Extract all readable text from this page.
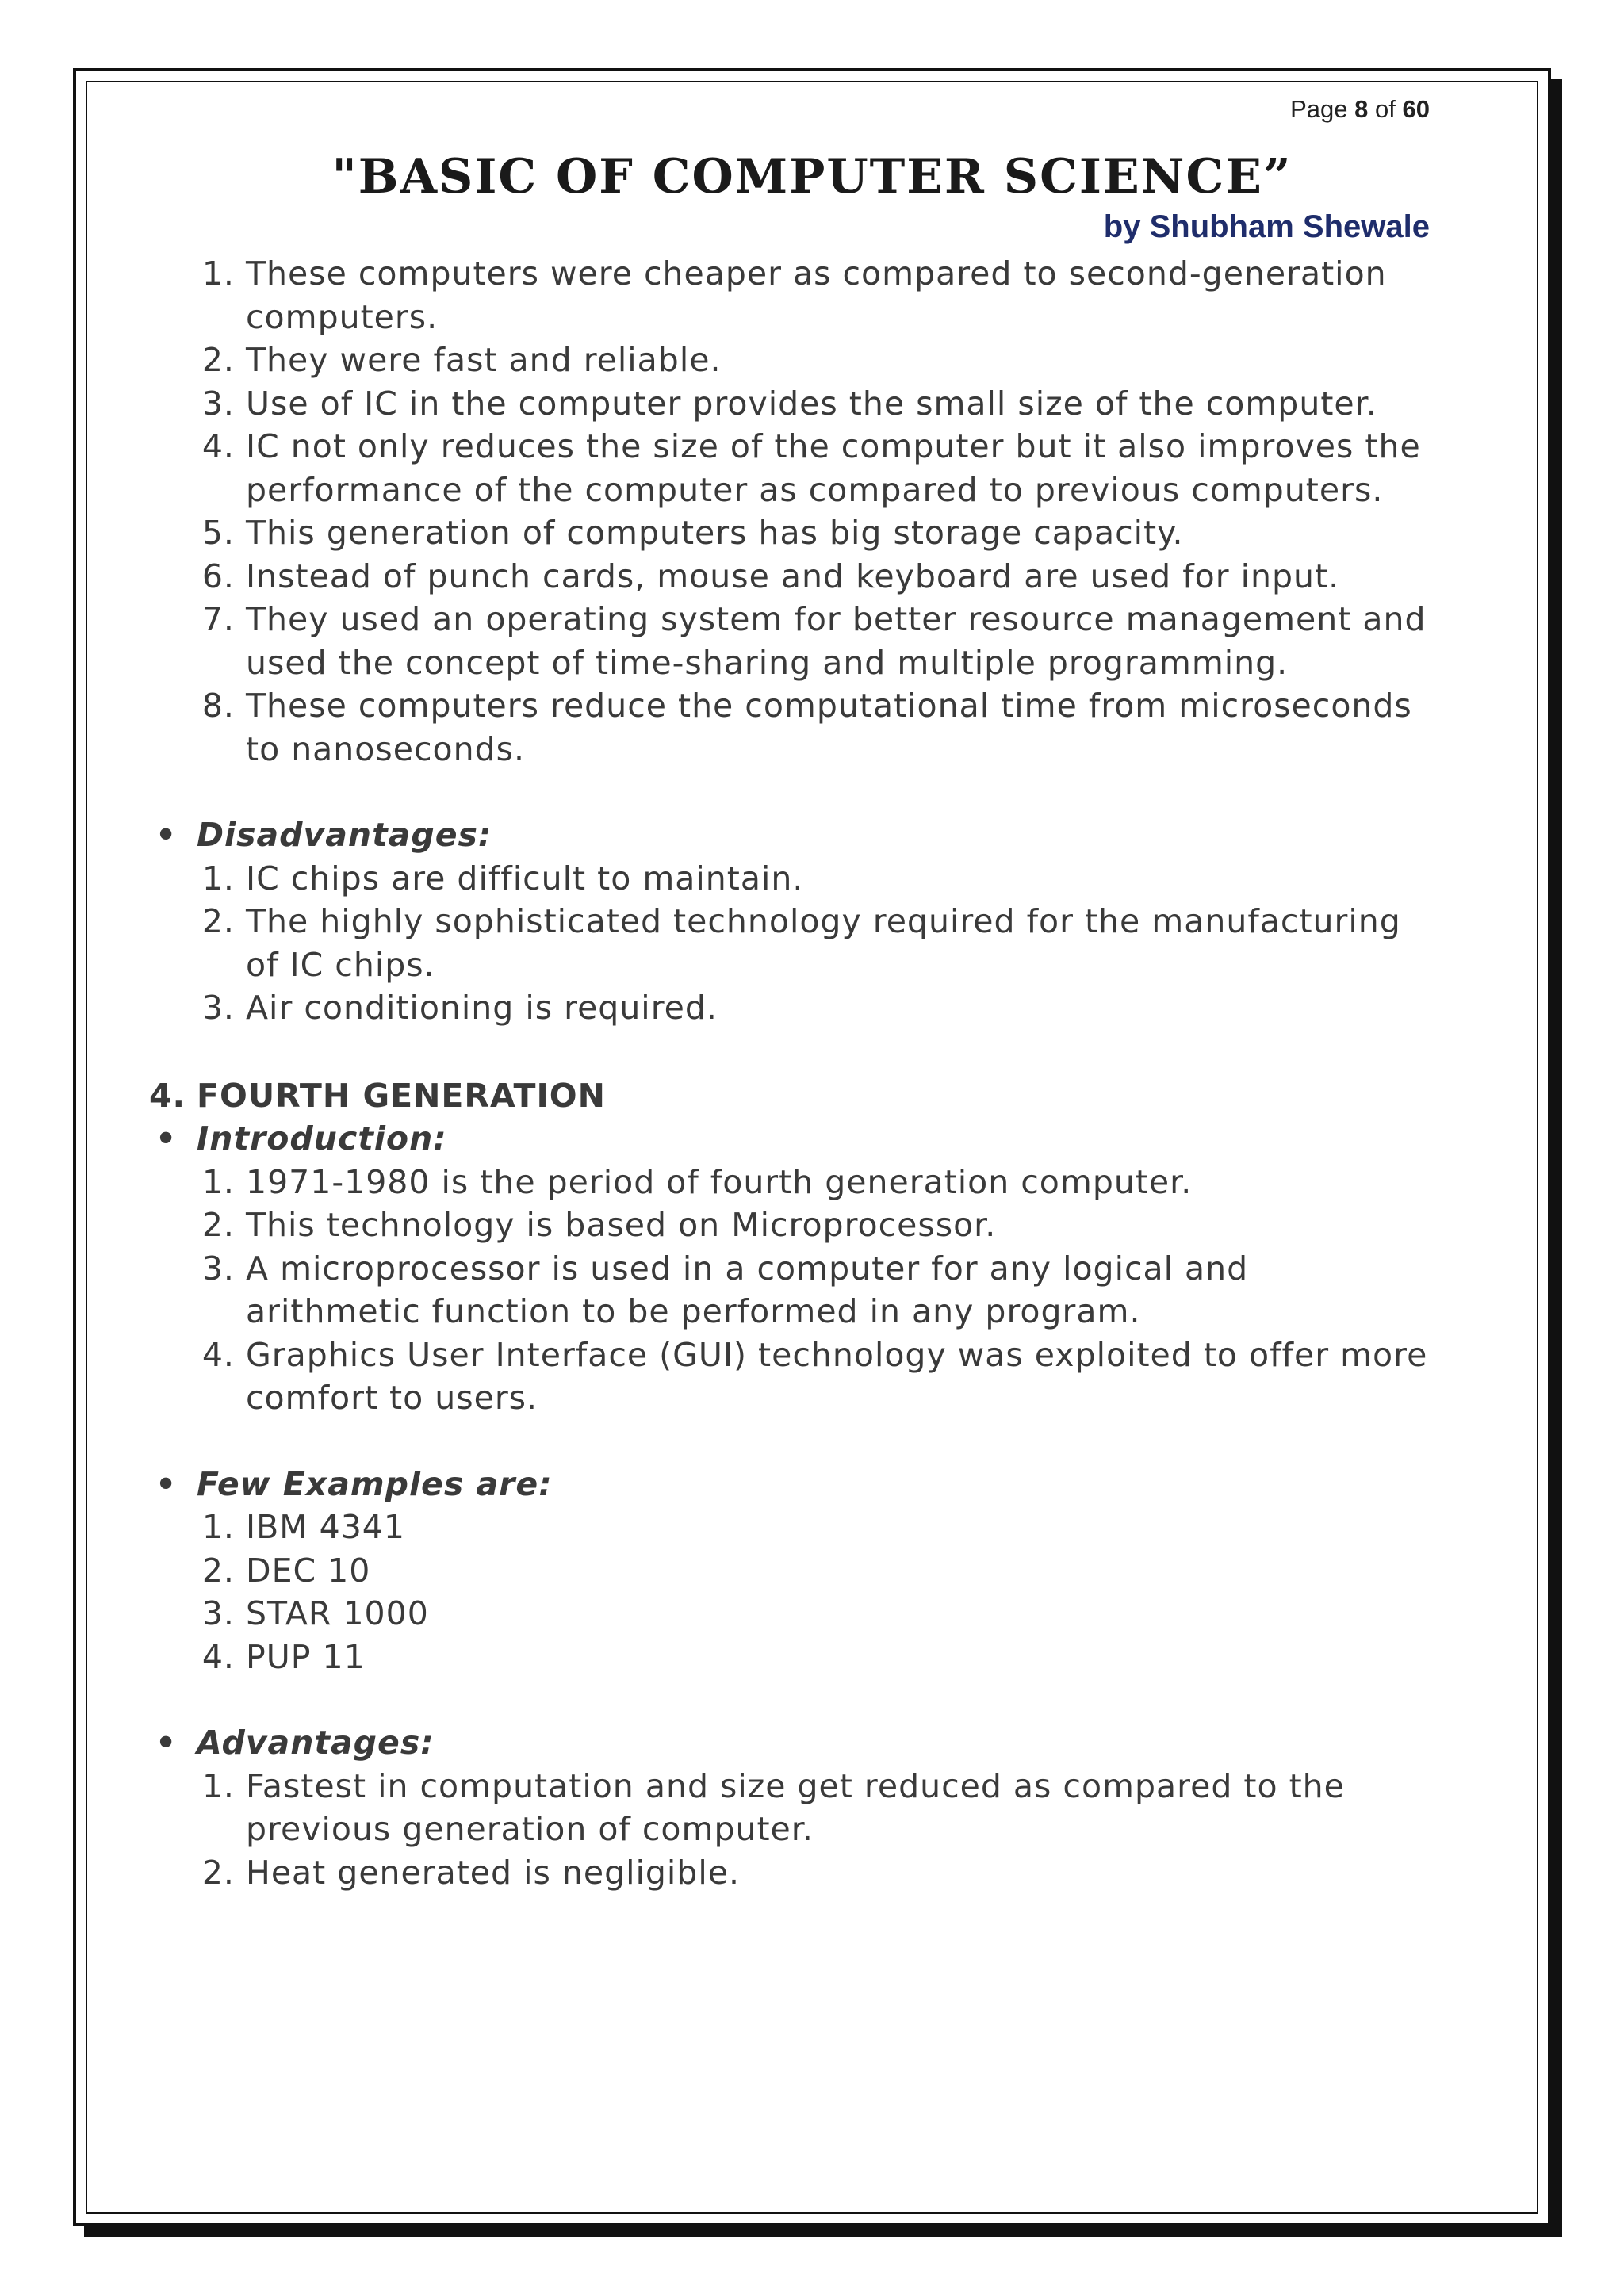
Page 8 of 60
"BASIC OF COMPUTER SCIENCE”
by Shubham Shewale
1. These computers were cheaper as compared to second-generation computers.
2. They were fast and reliable.
3. Use of IC in the computer provides the small size of the computer.
4. IC not only reduces the size of the computer but it also improves the performance of the computer as compared to previous computers.
5. This generation of computers has big storage capacity.
6. Instead of punch cards, mouse and keyboard are used for input.
7. They used an operating system for better resource management and used the concept of time-sharing and multiple programming.
8. These computers reduce the computational time from microseconds to nanoseconds.

• Disadvantages:

1. IC chips are difficult to maintain.
2. The highly sophisticated technology required for the manufacturing of IC chips.
3. Air conditioning is required.

4. FOURTH GENERATION

• Introduction:

1. 1971-1980 is the period of fourth generation computer.
2. This technology is based on Microprocessor.
3. A microprocessor is used in a computer for any logical and arithmetic function to be performed in any program.
4. Graphics User Interface (GUI) technology was exploited to offer more comfort to users.

• Few Examples are:

1. IBM 4341
2. DEC 10
3. STAR 1000
4. PUP 11

• Advantages:

1. Fastest in computation and size get reduced as compared to the previous generation of computer.
2. Heat generated is negligible.
